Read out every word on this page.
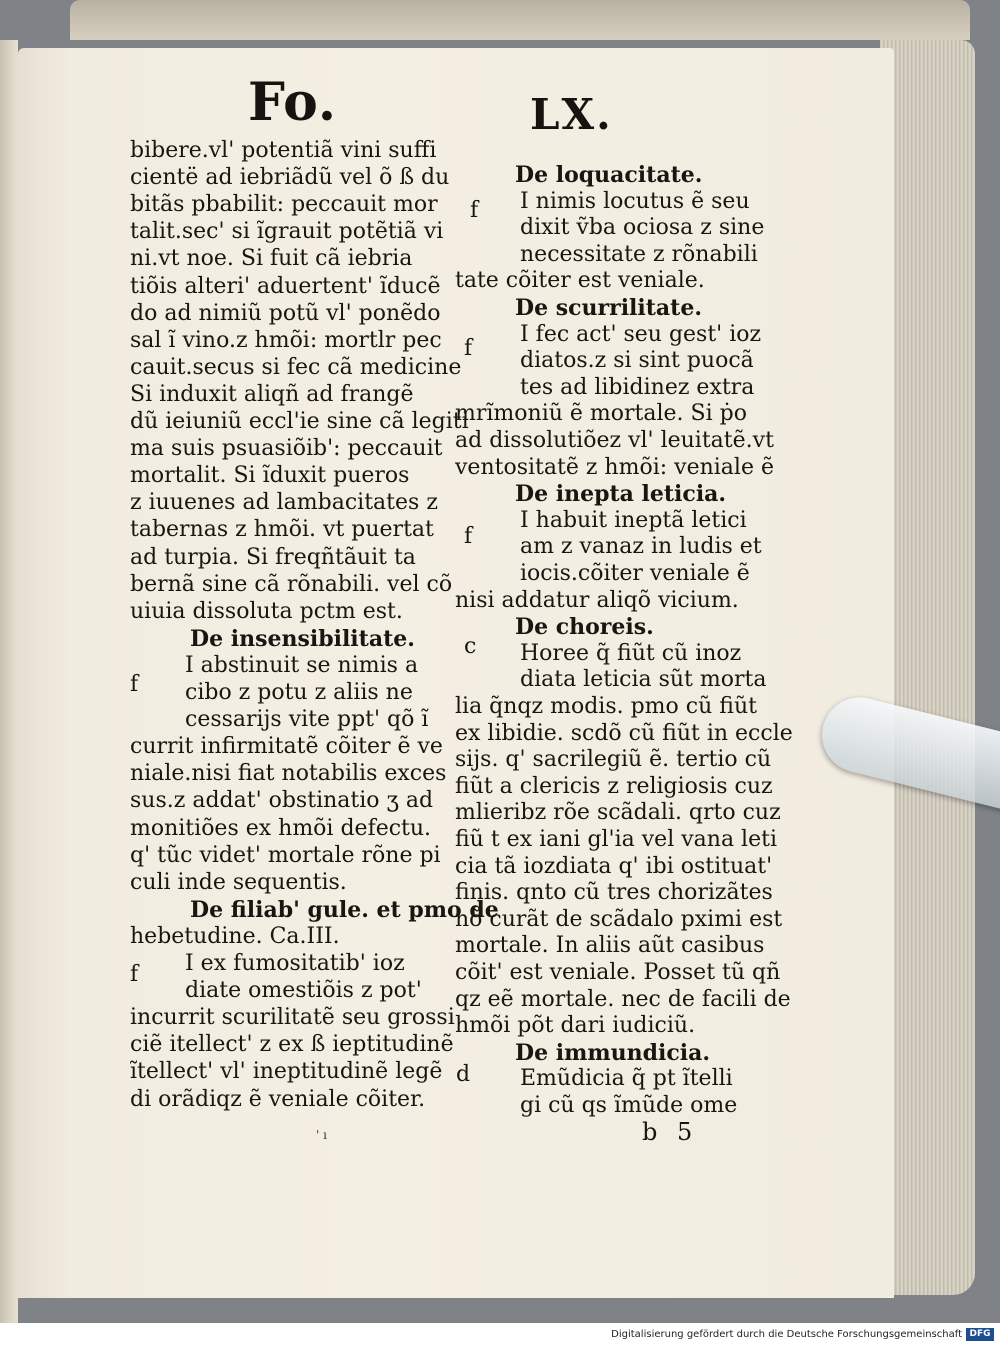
Fo.	LX.
bibere.vl' potentiã vini suffi
cientë ad iebriãdũ vel õ ß du
bitãs pbabilit: peccauit mor
talit.sec' si ĩgrauit potẽtiã vi
ni.vt noe. Si fuit cã iebria
tiõis alteri' aduertent' ĩducẽ
do ad nimiũ potũ vl' ponẽdo
sal ĩ vino.z hmõi: mortlr pec
cauit.secus si fec cã medicine
Si induxit aliqñ ad frangẽ
dũ ieiuniũ eccl'ie sine cã legiti
ma suis psuasiõib': peccauit
mortalit. Si ĩduxit pueros
z iuuenes ad lambacitates z
tabernas z hmõi. vt puertat
ad turpia. Si freqñtãuit ta
bernã sine cã rõnabili. vel cõ
uiuia dissoluta pctm est.
De insensibilitate.
I abstinuit se nimis a
cibo z potu z aliis ne
cessarijs vite ppt' qõ ĩ
currit infirmitatẽ cõiter ẽ ve
niale.nisi fiat notabilis exces
sus.z addat' obstinatio ʒ ad
monitiões ex hmõi defectu.
q' tũc videt' mortale rõne pi
culi inde sequentis.
De filiab' gule. et pmo de
hebetudine. Ca.III.
I ex fumositatib' ioz
diate omestiõis z pot'
incurrit scurilitatẽ seu grossi
ciẽ itellect' z ex ß ieptitudinẽ
ĩtellect' vl' ineptitudinẽ legẽ
di orãdiqz ẽ veniale cõiter.
De loquacitate.
I nimis locutus ẽ seu
dixit ṽba ociosa z sine
necessitate z rõnabili
tate cõiter est veniale.
De scurrilitate.
I fec act' seu gest' ioz
diatos.z si sint puocã
tes ad libidinez extra
mrĩmoniũ ẽ mortale. Si ṗo
ad dissolutiõez vl' leuitatẽ.vt
ventositatẽ z hmõi: veniale ẽ
De inepta leticia.
I habuit ineptã letici
am z vanaz in ludis et
iocis.cõiter veniale ẽ
nisi addatur aliqõ vicium.
De choreis.
Horee q̃ fiũt cũ inoz
diata leticia sũt morta
lia q̃nqz modis. pmo cũ fiũt
ex libidie. scdõ cũ fiũt in eccle
sijs. q' sacrilegiũ ẽ. tertio cũ
fiũt a clericis z religiosis cuz
mlieribz rõe scãdali. qrto cuz
fiũ t ex iani gl'ia vel vana leti
cia tã iozdiata q' ibi ostituat'
finis. qnto cũ tres chorizãtes
nõ curãt de scãdalo pximi est
mortale. In aliis aũt casibus
cõit' est veniale. Posset tũ qñ
qz eẽ mortale. nec de facili de
hmõi põt dari iudiciũ.
De immundicia.
Emũdicia q̃ pt ĩtelli
gi cũ qs ĩmũde ome
f
f
f
f
f
c
d
' ı	b 5
Digitalisierung gefördert durch die Deutsche Forschungsgemeinschaft DFG
